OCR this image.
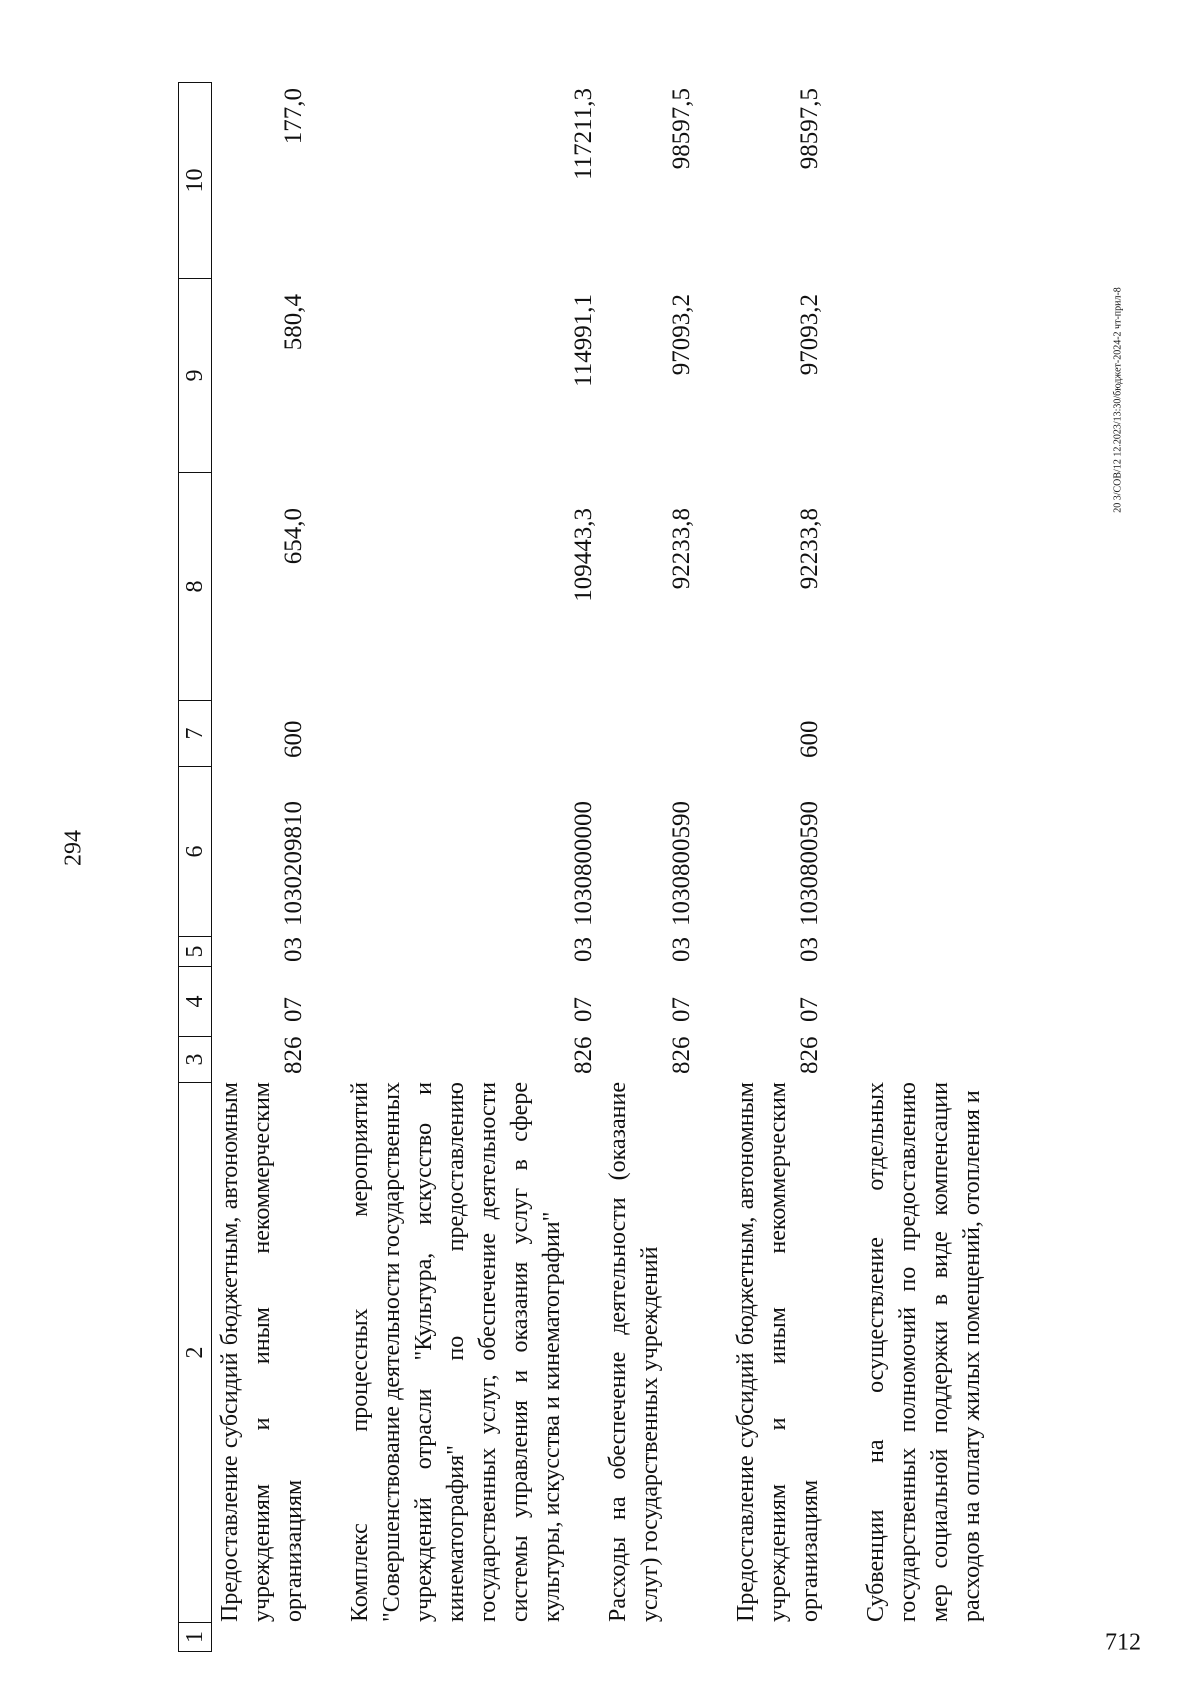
294
712
20 3/СОВ/12 12.2023/13:30/бюджет-2024-2 чт-прил-8
1
2
3
4
5
6
7
8
9
10
Предоставление субсидий бюджетным, автономным учреждениям и иным некоммерческим организациям
826
07
03
1030209810
600
654,0
580,4
177,0
Комплекс процессных мероприятий "Совершенствование деятельности государственных учреждений отрасли "Культура, искусство и кинематография" по предоставлению государственных услуг, обеспечение деятельности системы управления и оказания услуг в сфере культуры, искусства и кинематографии"
826
07
03
1030800000
109443,3
114991,1
117211,3
Расходы на обеспечение деятельности (оказание услуг) государственных учреждений
826
07
03
1030800590
92233,8
97093,2
98597,5
Предоставление субсидий бюджетным, автономным учреждениям и иным некоммерческим организациям
826
07
03
1030800590
600
92233,8
97093,2
98597,5
Субвенции на осуществление отдельных государственных полномочий по предоставлению мер социальной поддержки в виде компенсации расходов на оплату жилых помещений, отопления и
